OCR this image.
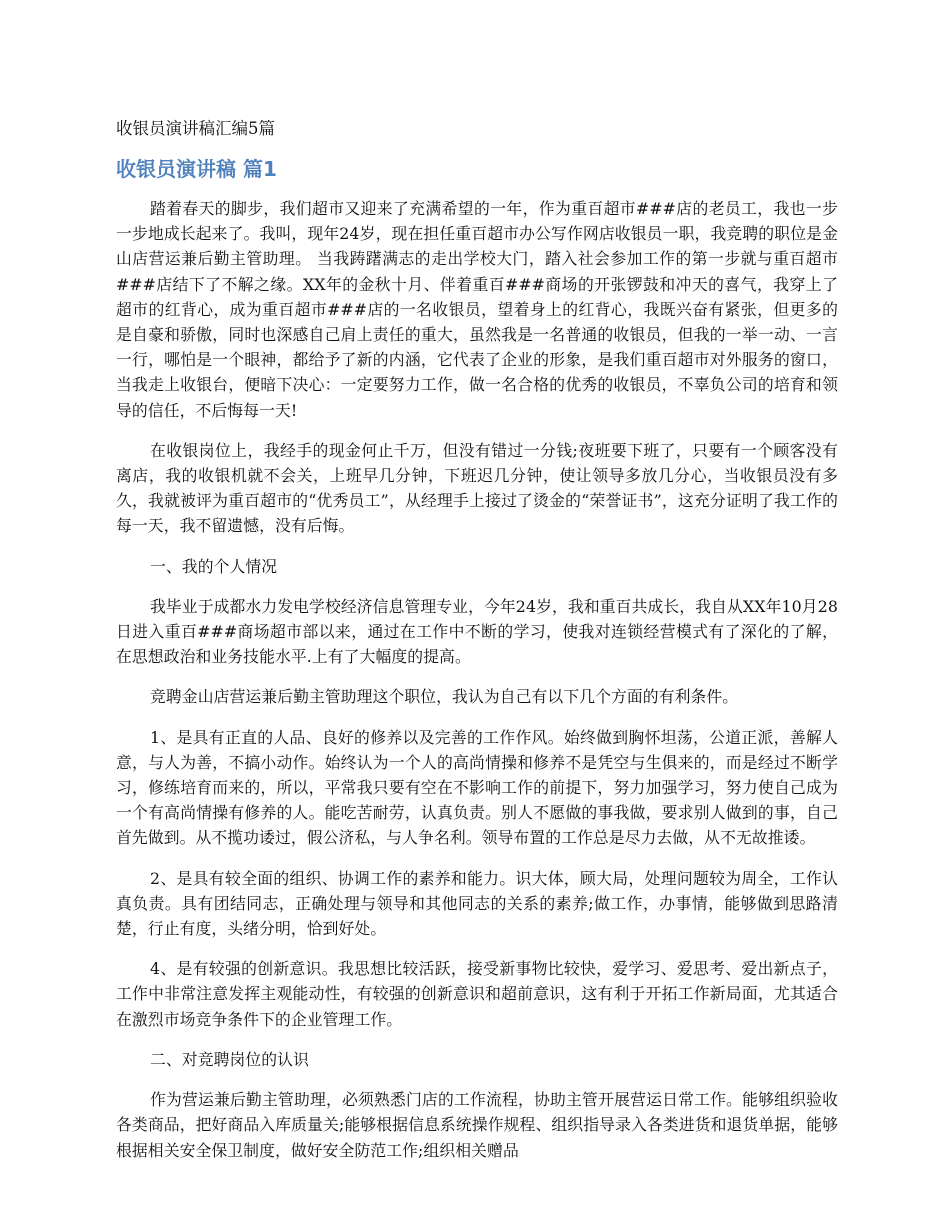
收银员演讲稿汇编5篇
收银员演讲稿 篇1

踏着春天的脚步，我们超市又迎来了充满希望的一年，作为重百超市###店的老员工，我也一步一步地成长起来了。我叫，现年24岁，现在担任重百超市办公写作网店收银员一职，我竞聘的职位是金山店营运兼后勤主管助理。 当我踌躇满志的走出学校大门，踏入社会参加工作的第一步就与重百超市###店结下了不解之缘。XX年的金秋十月、伴着重百###商场的开张锣鼓和冲天的喜气，我穿上了超市的红背心，成为重百超市###店的一名收银员，望着身上的红背心，我既兴奋有紧张，但更多的是自豪和骄傲，同时也深感自己肩上责任的重大，虽然我是一名普通的收银员，但我的一举一动、一言一行，哪怕是一个眼神，都给予了新的内涵，它代表了企业的形象，是我们重百超市对外服务的窗口，当我走上收银台，便暗下决心：一定要努力工作，做一名合格的优秀的收银员，不辜负公司的培育和领导的信任，不后悔每一天!

在收银岗位上，我经手的现金何止千万，但没有错过一分钱;夜班要下班了，只要有一个顾客没有离店，我的收银机就不会关，上班早几分钟，下班迟几分钟，使让领导多放几分心，当收银员没有多久，我就被评为重百超市的“优秀员工”，从经理手上接过了烫金的“荣誉证书”，这充分证明了我工作的每一天，我不留遗憾，没有后悔。

一、我的个人情况

我毕业于成都水力发电学校经济信息管理专业，今年24岁，我和重百共成长，我自从XX年10月28日进入重百###商场超市部以来，通过在工作中不断的学习，使我对连锁经营模式有了深化的了解，在思想政治和业务技能水平.上有了大幅度的提高。

竞聘金山店营运兼后勤主管助理这个职位，我认为自己有以下几个方面的有利条件。

1、是具有正直的人品、良好的修养以及完善的工作作风。始终做到胸怀坦荡，公道正派，善解人意，与人为善，不搞小动作。始终认为一个人的高尚情操和修养不是凭空与生俱来的，而是经过不断学习，修练培育而来的，所以，平常我只要有空在不影响工作的前提下，努力加强学习，努力使自己成为一个有高尚情操有修养的人。能吃苦耐劳，认真负责。别人不愿做的事我做，要求别人做到的事，自己首先做到。从不揽功诿过，假公济私，与人争名利。领导布置的工作总是尽力去做，从不无故推诿。

2、是具有较全面的组织、协调工作的素养和能力。识大体，顾大局，处理问题较为周全，工作认真负责。具有团结同志，正确处理与领导和其他同志的关系的素养;做工作，办事情，能够做到思路清楚，行止有度，头绪分明，恰到好处。

4、是有较强的创新意识。我思想比较活跃，接受新事物比较快，爱学习、爱思考、爱出新点子，工作中非常注意发挥主观能动性，有较强的创新意识和超前意识，这有利于开拓工作新局面，尤其适合在激烈市场竞争条件下的企业管理工作。

二、对竞聘岗位的认识

作为营运兼后勤主管助理，必须熟悉门店的工作流程，协助主管开展营运日常工作。能够组织验收各类商品，把好商品入库质量关;能够根据信息系统操作规程、组织指导录入各类进货和退货单据，能够根据相关安全保卫制度，做好安全防范工作;组织相关赠品
